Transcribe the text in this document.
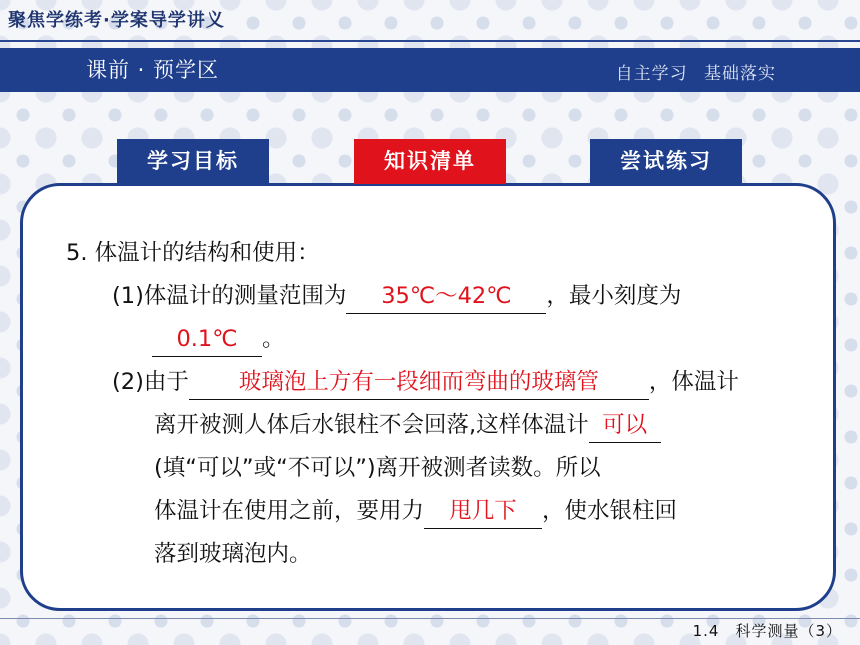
聚焦学练考·学案导学讲义
课前 · 预学区	自主学习 基础落实
学习目标	知识清单	尝试练习
5. 体温计的结构和使用：
(1)体温计的测量范围为 35℃～42℃ ，最小刻度为
0.1℃ 。
(2)由于 玻璃泡上方有一段细而弯曲的玻璃管 ，体温计
离开被测人体后水银柱不会回落,这样体温计 可以
(填“可以”或“不可以”)离开被测者读数。所以
体温计在使用之前，要用力 甩几下 ，使水银柱回
落到玻璃泡内。
1.4　科学测量（3）
